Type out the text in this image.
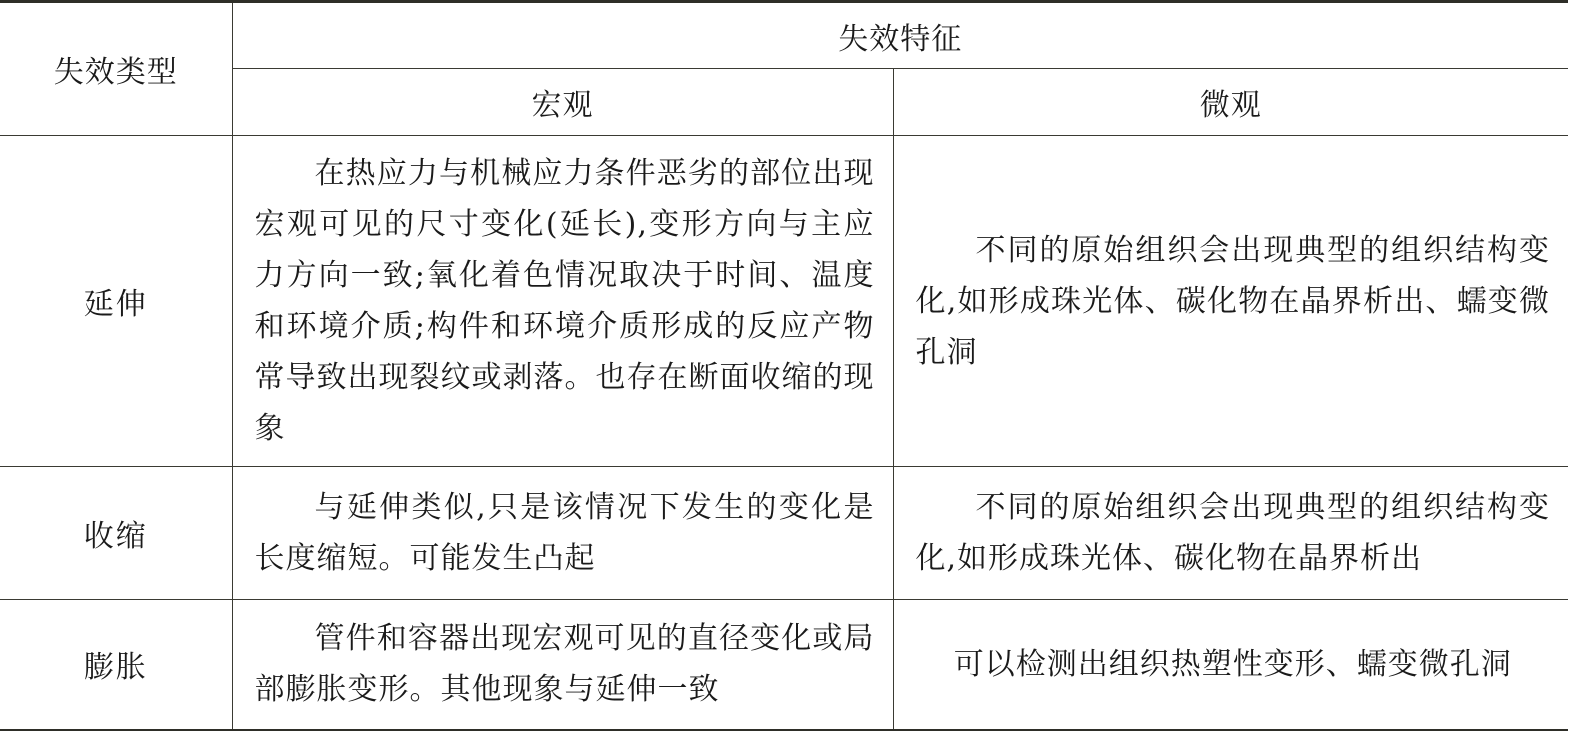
失效类型	失效特征	
	宏观	微观
延伸	在热应力与机械应力条件恶劣的部位出现宏观可见的尺寸变化(延长),变形方向与主应力方向一致;氧化着色情况取决于时间、温度和环境介质;构件和环境介质形成的反应产物常导致出现裂纹或剥落。也存在断面收缩的现象	不同的原始组织会出现典型的组织结构变化,如形成珠光体、碳化物在晶界析出、蠕变微孔洞
收缩	与延伸类似,只是该情况下发生的变化是长度缩短。可能发生凸起	不同的原始组织会出现典型的组织结构变化,如形成珠光体、碳化物在晶界析出
膨胀	管件和容器出现宏观可见的直径变化或局部膨胀变形。其他现象与延伸一致	可以检测出组织热塑性变形、蠕变微孔洞
